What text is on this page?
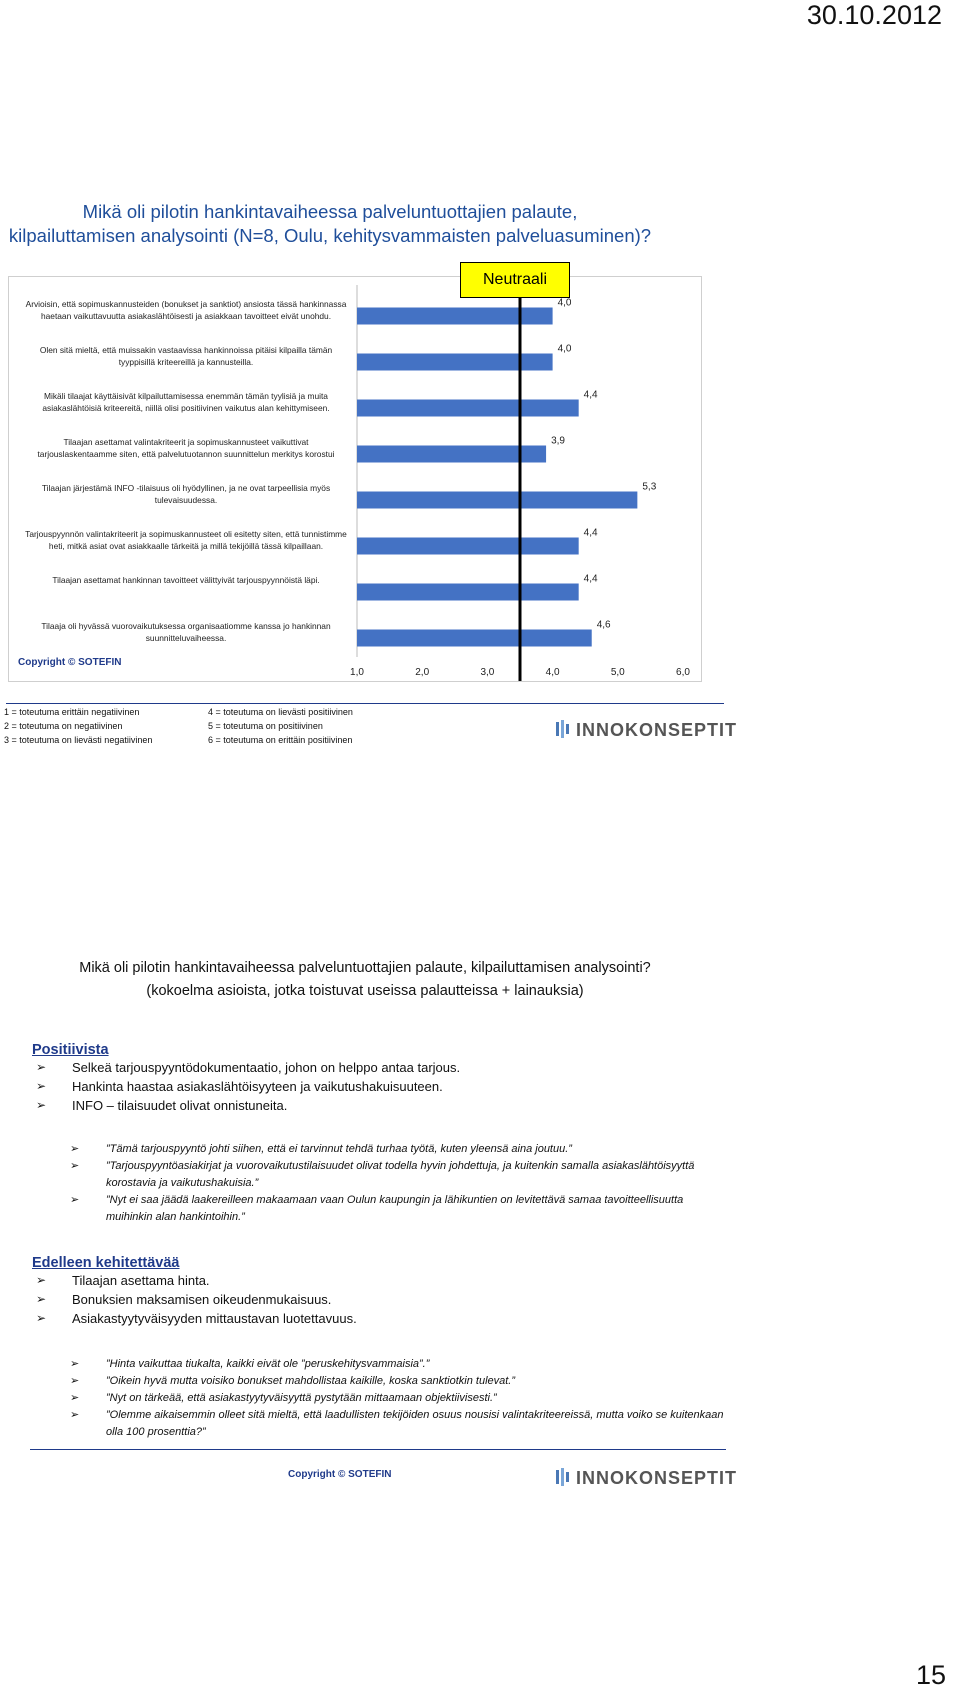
30.10.2012
Mikä oli pilotin hankintavaiheessa palveluntuottajien palaute,
kilpailuttamisen analysointi (N=8, Oulu, kehitysvammaisten palveluasuminen)?
4,0
4,0
4,4
3,9
5,3
4,4
4,4
4,6
1,0	2,0	3,0	4,0	5,0	6,0
Arvioisin, että sopimuskannusteiden (bonukset ja sanktiot) ansiosta tässä hankinnassa haetaan vaikuttavuutta asiakaslähtöisesti ja asiakkaan tavoitteet eivät unohdu.
Olen sitä mieltä, että muissakin vastaavissa hankinnoissa pitäisi kilpailla tämän tyyppisillä kriteereillä ja kannusteilla.
Mikäli tilaajat käyttäisivät kilpailuttamisessa enemmän tämän tyylisiä ja muita asiakaslähtöisiä kriteereitä, niillä olisi positiivinen vaikutus alan kehittymiseen.
Tilaajan asettamat valintakriteerit ja sopimuskannusteet vaikuttivat tarjouslaskentaamme siten, että palvelutuotannon suunnittelun merkitys korostui
Tilaajan järjestämä INFO -tilaisuus oli hyödyllinen, ja ne ovat tarpeellisia myös tulevaisuudessa.
Tarjouspyynnön valintakriteerit ja sopimuskannusteet oli esitetty siten, että tunnistimme heti, mitkä asiat ovat asiakkaalle tärkeitä ja millä tekijöillä tässä kilpaillaan.
Tilaajan asettamat hankinnan tavoitteet välittyivät tarjouspyynnöistä läpi.
Tilaaja oli hyvässä vuorovaikutuksessa organisaatiomme kanssa jo hankinnan suunnitteluvaiheessa.
Neutraali
Copyright © SOTEFIN
1 = toteutuma erittäin negatiivinen
2 = toteutuma on negatiivinen
3 = toteutuma on lievästi negatiivinen
4 = toteutuma on lievästi positiivinen
5 = toteutuma on positiivinen
6 = toteutuma on erittäin positiivinen	INNOKONSEPTIT
Mikä oli pilotin hankintavaiheessa palveluntuottajien palaute, kilpailuttamisen analysointi?
(kokoelma asioista, jotka toistuvat useissa palautteissa + lainauksia)
Positiivista
➢ Selkeä tarjouspyyntödokumentaatio, johon on helppo antaa tarjous.
➢ Hankinta haastaa asiakaslähtöisyyteen ja vaikutushakuisuuteen.
➢ INFO – tilaisuudet olivat onnistuneita.
➢ ”Tämä tarjouspyyntö johti siihen, että ei tarvinnut tehdä turhaa työtä, kuten yleensä aina joutuu.”
➢ ”Tarjouspyyntöasiakirjat ja vuorovaikutustilaisuudet olivat todella hyvin johdettuja, ja kuitenkin samalla asiakaslähtöisyyttä korostavia ja vaikutushakuisia.”
➢ ”Nyt ei saa jäädä laakereilleen makaamaan vaan Oulun kaupungin ja lähikuntien on levitettävä samaa tavoitteellisuutta muihinkin alan hankintoihin.”
Edelleen kehitettävää
➢ Tilaajan asettama hinta.
➢ Bonuksien maksamisen oikeudenmukaisuus.
➢ Asiakastyytyväisyyden mittaustavan luotettavuus.
➢ ”Hinta vaikuttaa tiukalta, kaikki eivät ole ”peruskehitysvammaisia”.”
➢ ”Oikein hyvä mutta voisiko bonukset mahdollistaa kaikille, koska sanktiotkin tulevat.”
➢ ”Nyt on tärkeää, että asiakastyytyväisyyttä pystytään mittaamaan objektiivisesti.”
➢ ”Olemme aikaisemmin olleet sitä mieltä, että laadullisten tekijöiden osuus nousisi valintakriteereissä, mutta voiko se kuitenkaan olla 100 prosenttia?”
Copyright © SOTEFIN	INNOKONSEPTIT
15
